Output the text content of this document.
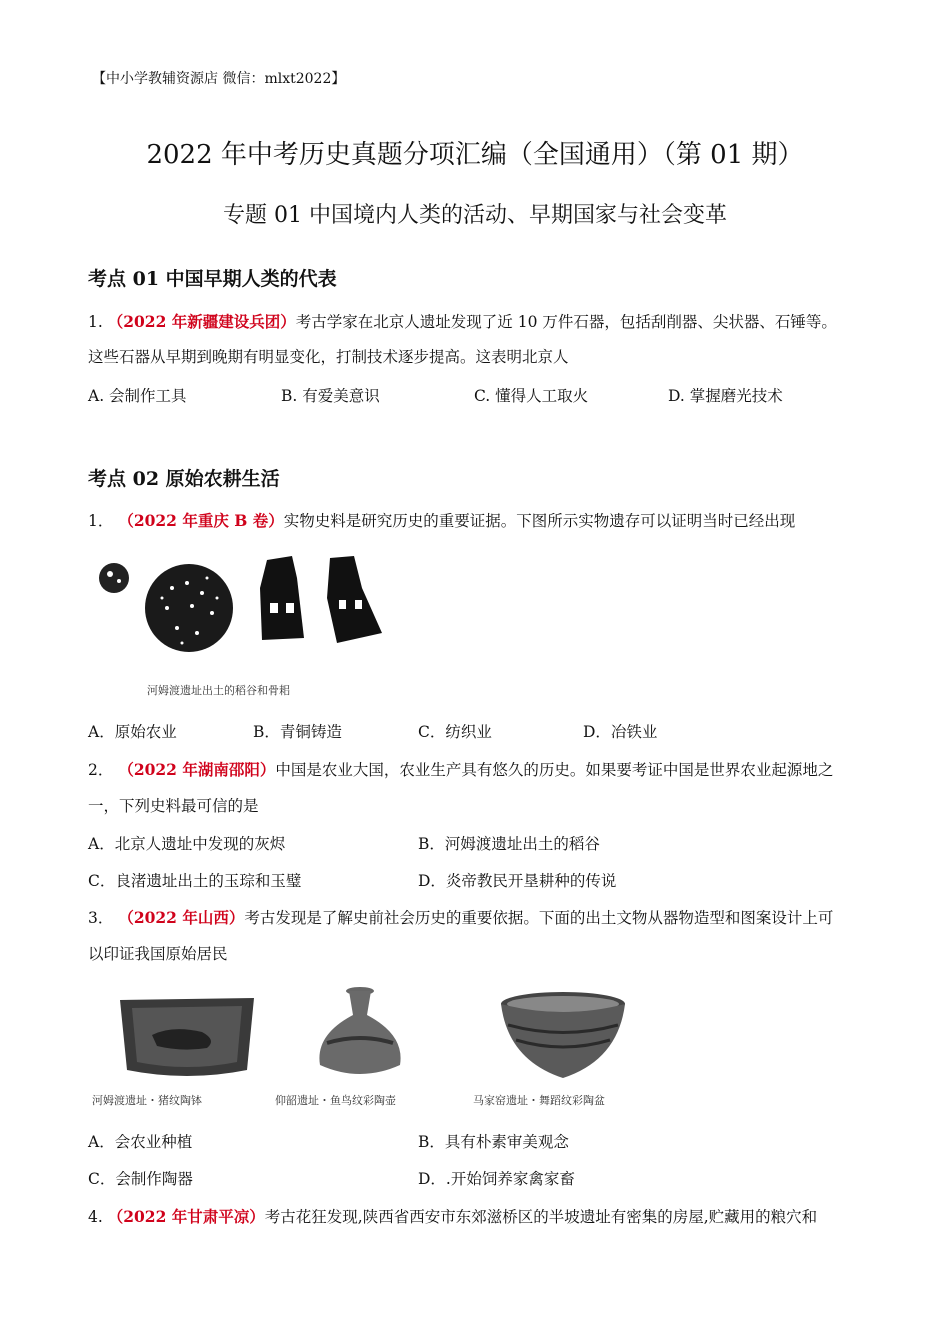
【中小学教辅资源店 微信：mlxt2022】
2022 年中考历史真题分项汇编（全国通用）（第 01 期）
专题 01 中国境内人类的活动、早期国家与社会变革
考点 01 中国早期人类的代表
1. （2022 年新疆建设兵团）考古学家在北京人遗址发现了近 10 万件石器，包括刮削器、尖状器、石锤等。
这些石器从早期到晚期有明显变化，打制技术逐步提高。这表明北京人
A. 会制作工具	B. 有爱美意识	C. 懂得人工取火	D. 掌握磨光技术
考点 02 原始农耕生活
1． （2022 年重庆 B 卷）实物史料是研究历史的重要证据。下图所示实物遗存可以证明当时已经出现
河姆渡遗址出土的稻谷和骨耜
A．原始农业	B．青铜铸造	C．纺织业	D．冶铁业
2． （2022 年湖南邵阳）中国是农业大国，农业生产具有悠久的历史。如果要考证中国是世界农业起源地之
一，下列史料最可信的是
A．北京人遗址中发现的灰烬	B．河姆渡遗址出土的稻谷
C．良渚遗址出土的玉琮和玉璧	D．炎帝教民开垦耕种的传说
3． （2022 年山西）考古发现是了解史前社会历史的重要依据。下面的出土文物从器物造型和图案设计上可
以印证我国原始居民
河姆渡遗址・猪纹陶钵	仰韶遗址・鱼鸟纹彩陶壶	马家窑遗址・舞蹈纹彩陶盆
A．会农业种植	B．具有朴素审美观念
C．会制作陶器	D．.开始饲养家禽家畜
4. （2022 年甘肃平凉）考古花狂发现,陕西省西安市东郊滋桥区的半坡遗址有密集的房屋,贮藏用的粮穴和
